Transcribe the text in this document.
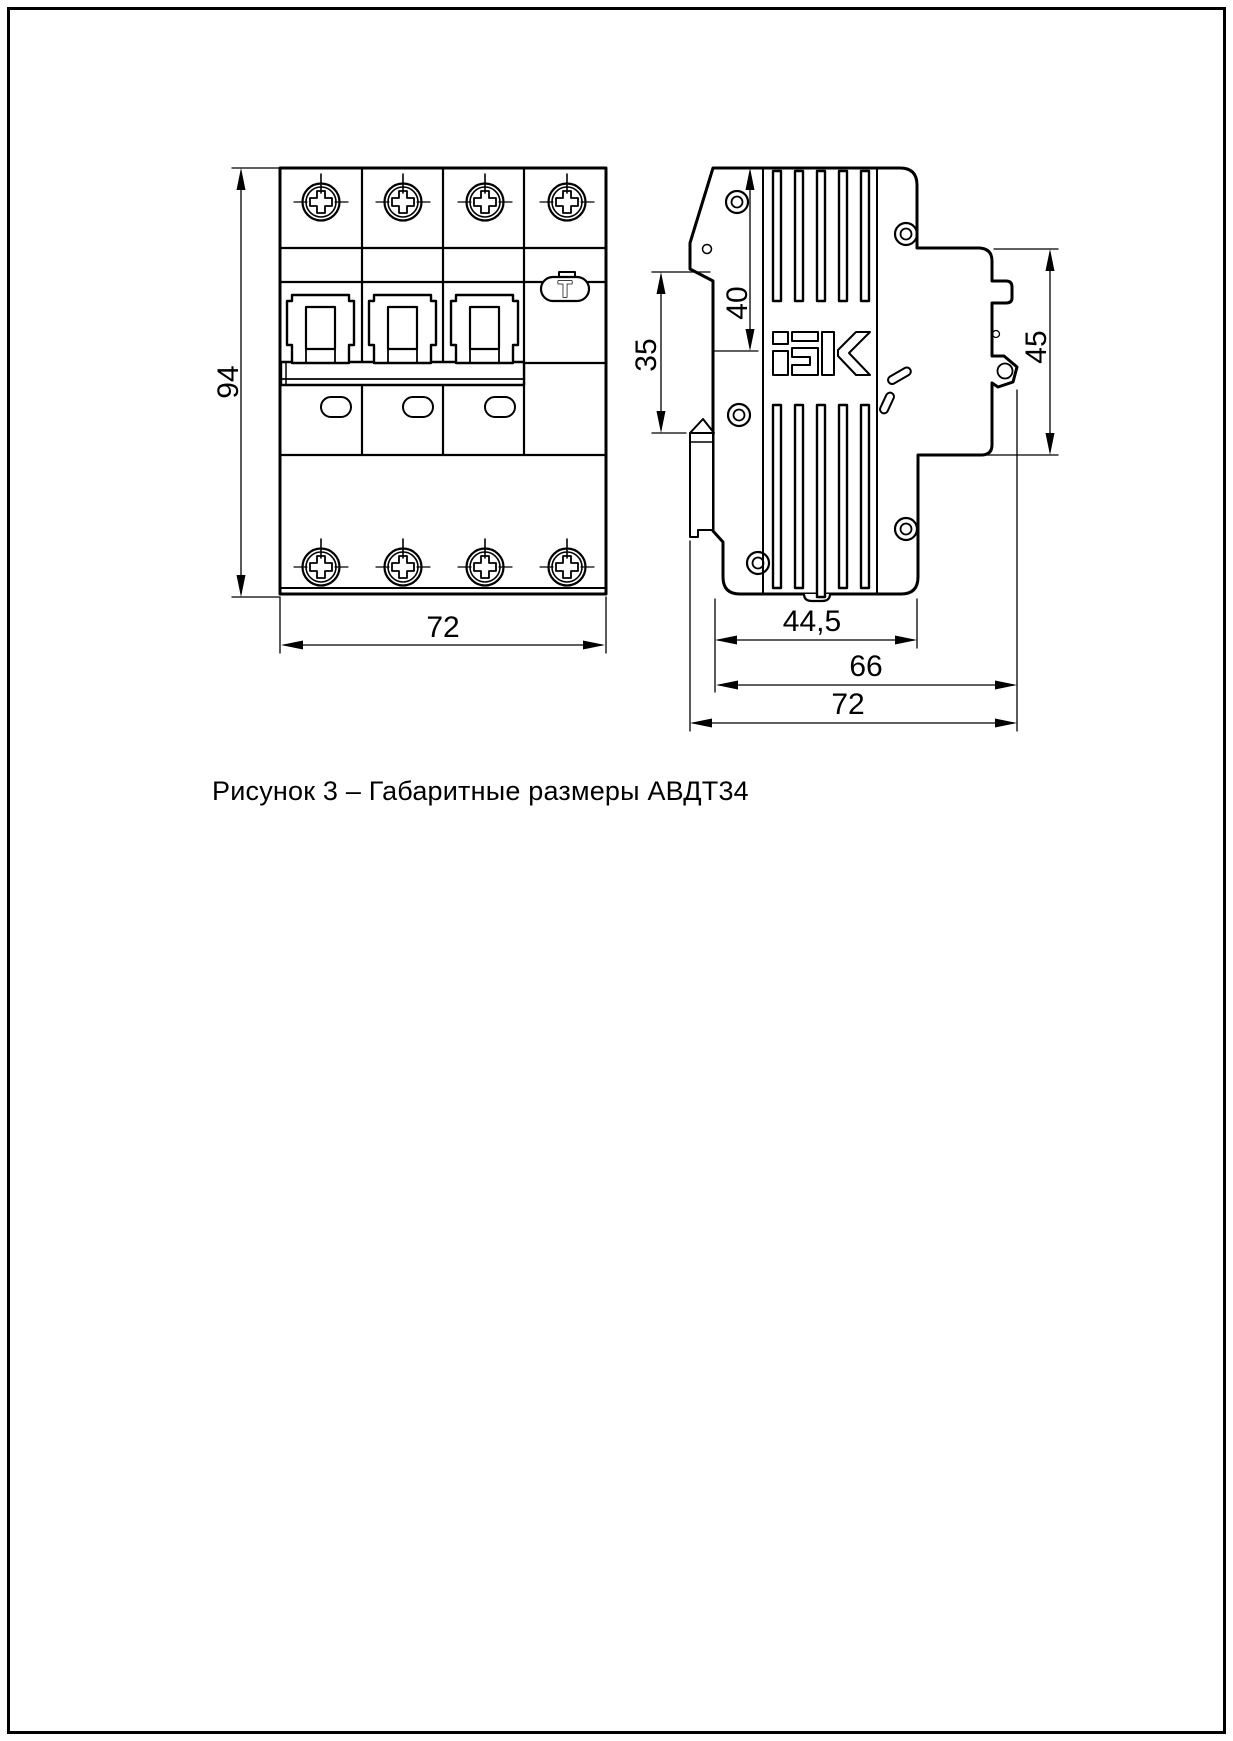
T
94
72
40
35	45
44,5
66
72
Рисунок 3 – Габаритные размеры АВДТ34
